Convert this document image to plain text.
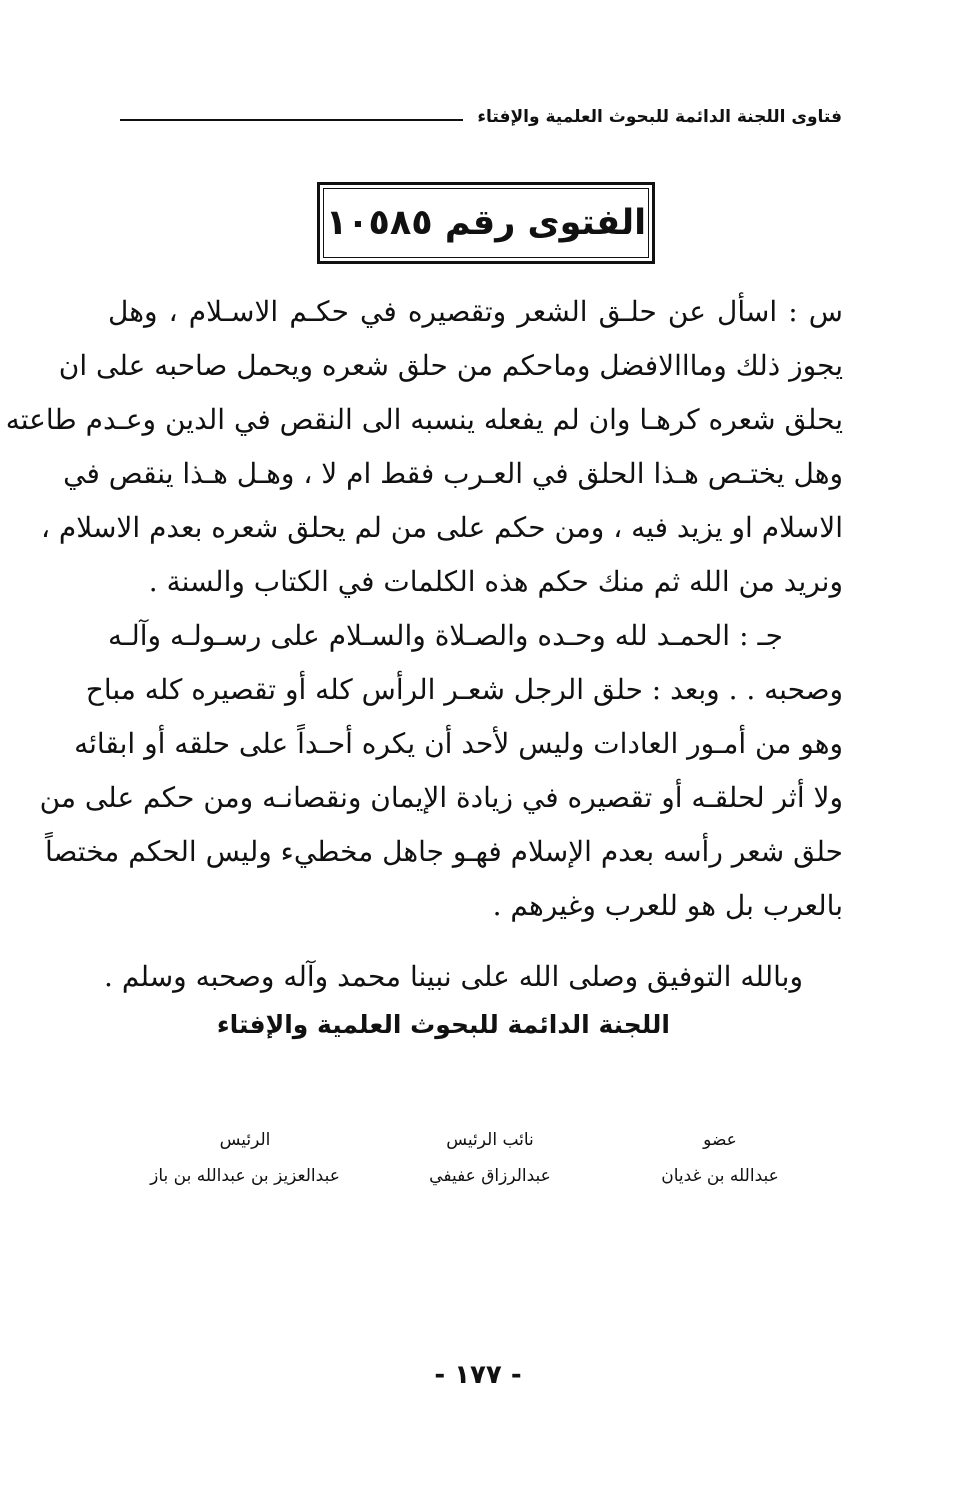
فتاوى اللجنة الدائمة للبحوث العلمية والإفتاء
الفتوى رقم ١٠٥٨٥
س : اسأل عن حلـق الشعر وتقصيره في حكـم الاسـلام ، وهل
يجوز ذلك ومااالافضل وماحكم من حلق شعره ويحمل صاحبه على ان
يحلق شعره كرهـا وان لم يفعله ينسبه الى النقص في الدين وعـدم طاعته
وهل يختـص هـذا الحلق في العـرب فقط ام لا ، وهـل هـذا ينقص في
الاسلام او يزيد فيه ، ومن حكم على من لم يحلق شعره بعدم الاسلام ،
ونريد من الله ثم منك حكم هذه الكلمات في الكتاب والسنة .
جـ : الحمـد لله وحـده والصـلاة والسـلام على رسـولـه وآلـه
وصحبه . . وبعد : حلق الرجل شعـر الرأس كله أو تقصيره كله مباح
وهو من أمـور العادات وليس لأحد أن يكره أحـداً على حلقه أو ابقائه
ولا أثر لحلقـه أو تقصيره في زيادة الإيمان ونقصانـه ومن حكم على من
حلق شعر رأسه بعدم الإسلام فهـو جاهل مخطيء وليس الحكم مختصاً
بالعرب بل هو للعرب وغيرهم .
وبالله التوفيق وصلى الله على نبينا محمد وآله وصحبه وسلم .
اللجنة الدائمة للبحوث العلمية والإفتاء
عضو
عبدالله بن غديان
نائب الرئيس
عبدالرزاق عفيفي
الرئيس
عبدالعزيز بن عبدالله بن باز
- ١٧٧ -
